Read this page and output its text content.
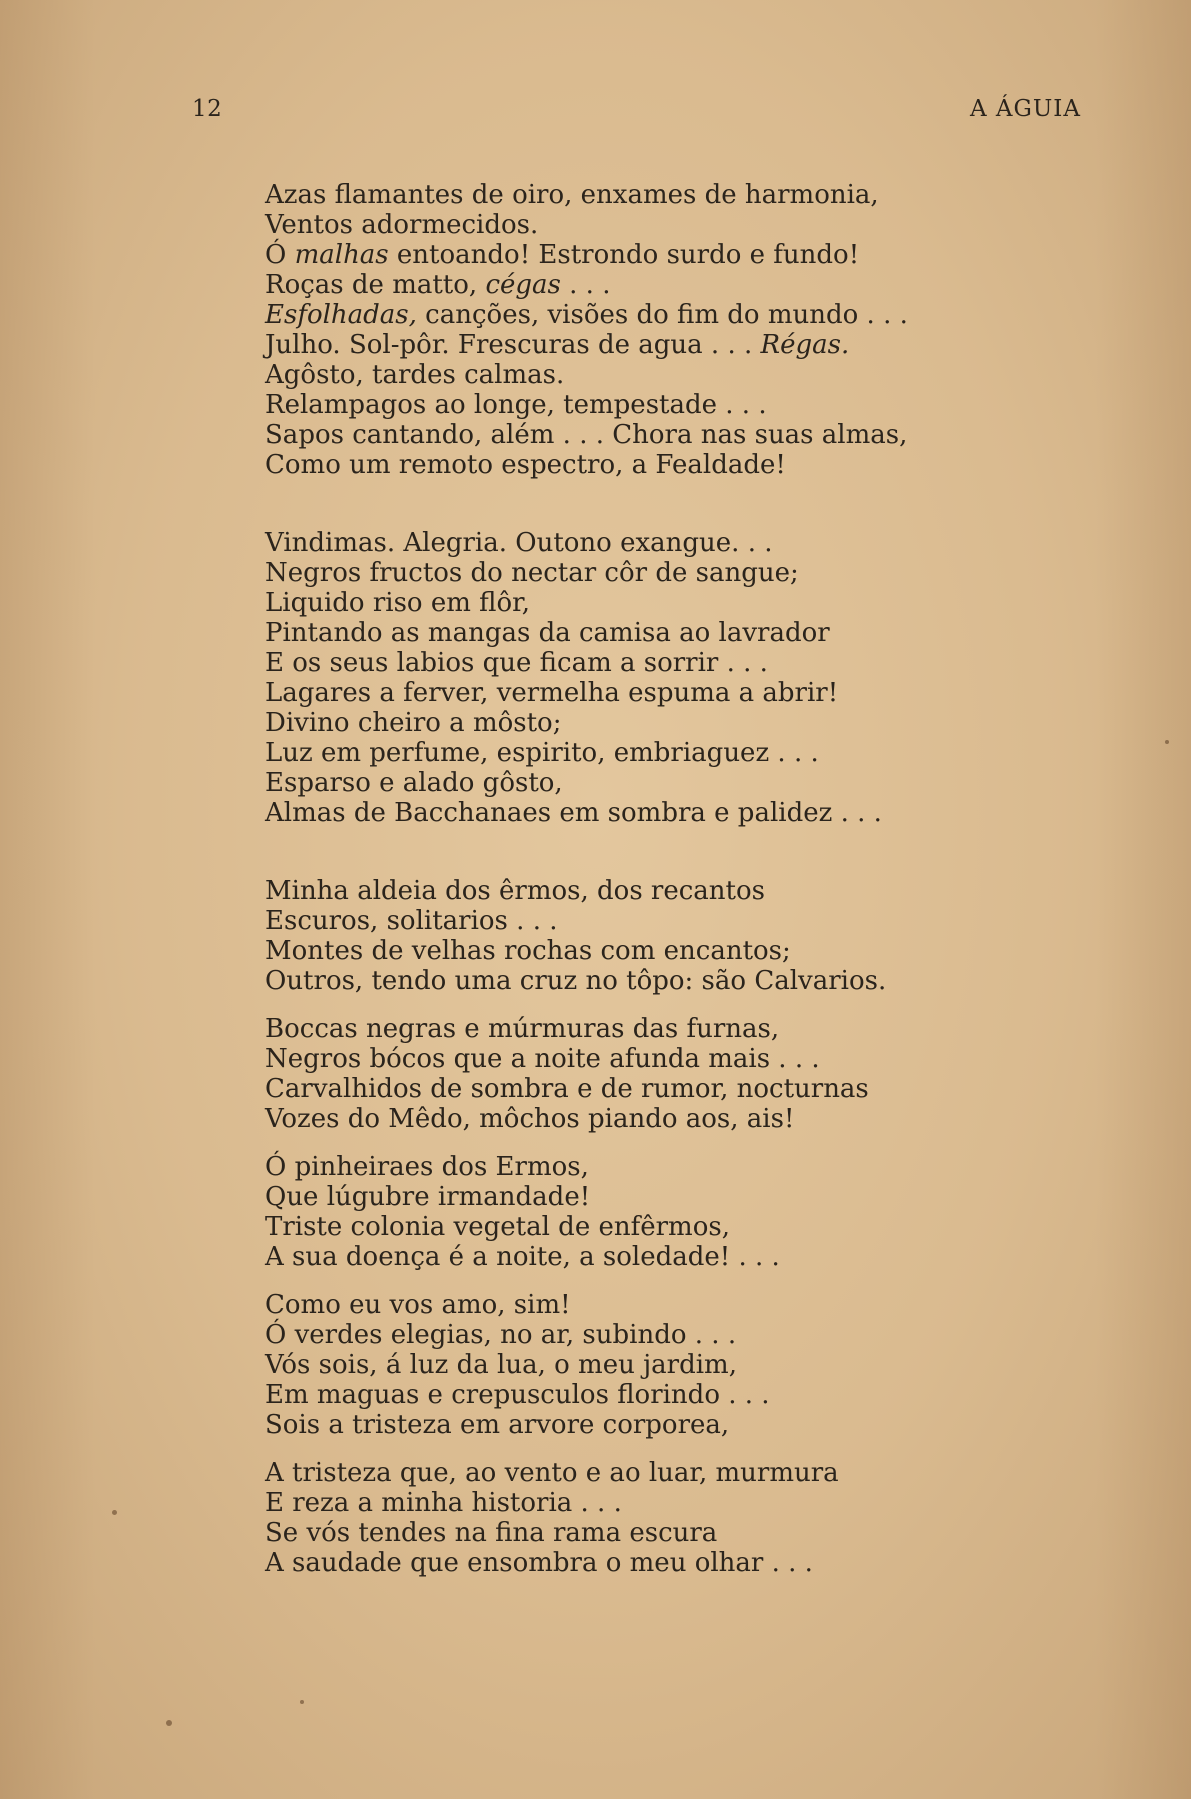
12	A ÁGUIA
Azas flamantes de oiro, enxames de harmonia,
Ventos adormecidos.
Ó malhas entoando! Estrondo surdo e fundo!
Roças de matto, cégas . . .
Esfolhadas, canções, visões do fim do mundo . . .
Julho. Sol-pôr. Frescuras de agua . . . Régas.
Agôsto, tardes calmas.
Relampagos ao longe, tempestade . . .
Sapos cantando, além . . . Chora nas suas almas,
Como um remoto espectro, a Fealdade!
Vindimas. Alegria. Outono exangue. . .
Negros fructos do nectar côr de sangue;
Liquido riso em flôr,
Pintando as mangas da camisa ao lavrador
E os seus labios que ficam a sorrir . . .
Lagares a ferver, vermelha espuma a abrir!
Divino cheiro a môsto;
Luz em perfume, espirito, embriaguez . . .
Esparso e alado gôsto,
Almas de Bacchanaes em sombra e palidez . . .
Minha aldeia dos êrmos, dos recantos
Escuros, solitarios . . .
Montes de velhas rochas com encantos;
Outros, tendo uma cruz no tôpo: são Calvarios.
Boccas negras e múrmuras das furnas,
Negros bócos que a noite afunda mais . . .
Carvalhidos de sombra e de rumor, nocturnas
Vozes do Mêdo, môchos piando aos, ais!
Ó pinheiraes dos Ermos,
Que lúgubre irmandade!
Triste colonia vegetal de enfêrmos,
A sua doença é a noite, a soledade! . . .
Como eu vos amo, sim!
Ó verdes elegias, no ar, subindo . . .
Vós sois, á luz da lua, o meu jardim,
Em maguas e crepusculos florindo . . .
Sois a tristeza em arvore corporea,
A tristeza que, ao vento e ao luar, murmura
E reza a minha historia . . .
Se vós tendes na fina rama escura
A saudade que ensombra o meu olhar . . .
